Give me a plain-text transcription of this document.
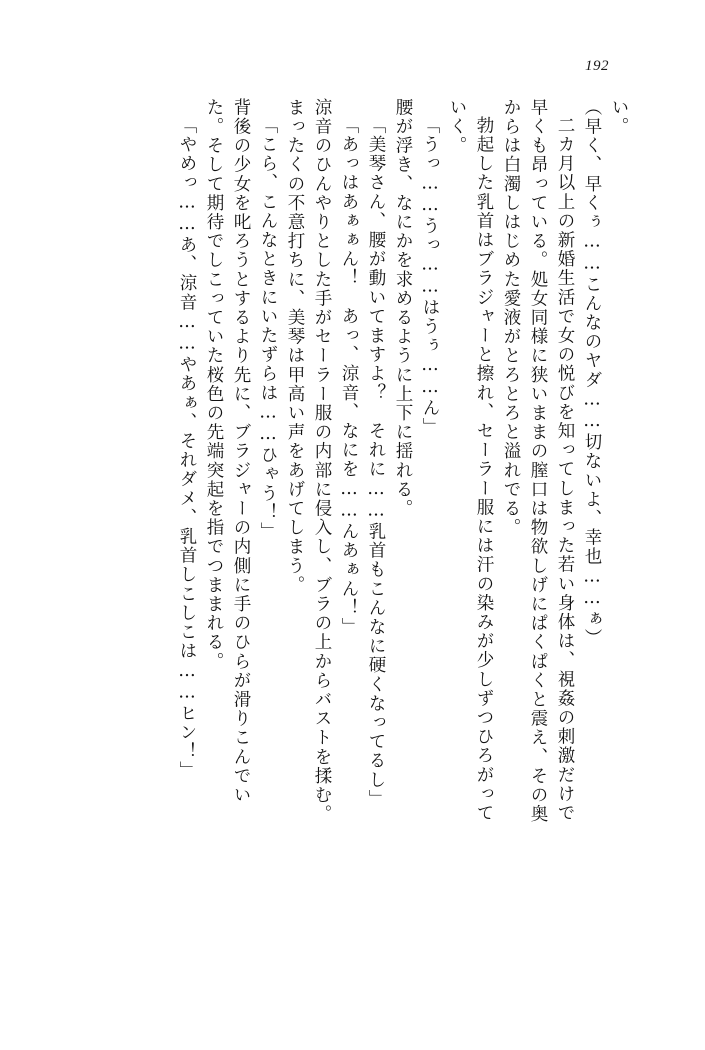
192
い。
（早く、早くぅ……こんなのヤダ……切ないよ、幸也……ぁ）
二カ月以上の新婚生活で女の悦びを知ってしまった若い身体は、視姦の刺激だけで
早くも昂っている。処女同様に狭いままの膣口は物欲しげにぱくぱくと震え、その奥
からは白濁しはじめた愛液がとろとろと溢れでる。
勃起した乳首はブラジャーと擦れ、セーラー服には汗の染みが少しずつひろがって
いく。
「うっ……うっ……はうぅ……ん」
腰が浮き、なにかを求めるように上下に揺れる。
「美琴さん、腰が動いてますよ？　それに……乳首もこんなに硬くなってるし」
「あっはあぁぁん！　あっ、涼音、なにを……んあぁん！」
涼音のひんやりとした手がセーラー服の内部に侵入し、ブラの上からバストを揉む。
まったくの不意打ちに、美琴は甲高い声をあげてしまう。
「こら、こんなときにいたずらは……ひゃう！」
背後の少女を叱ろうとするより先に、ブラジャーの内側に手のひらが滑りこんでい
た。そして期待でしこっていた桜色の先端突起を指でつままれる。
「やめっ……あ、涼音……やあぁ、それダメ、乳首しこしこは……ヒン！」
